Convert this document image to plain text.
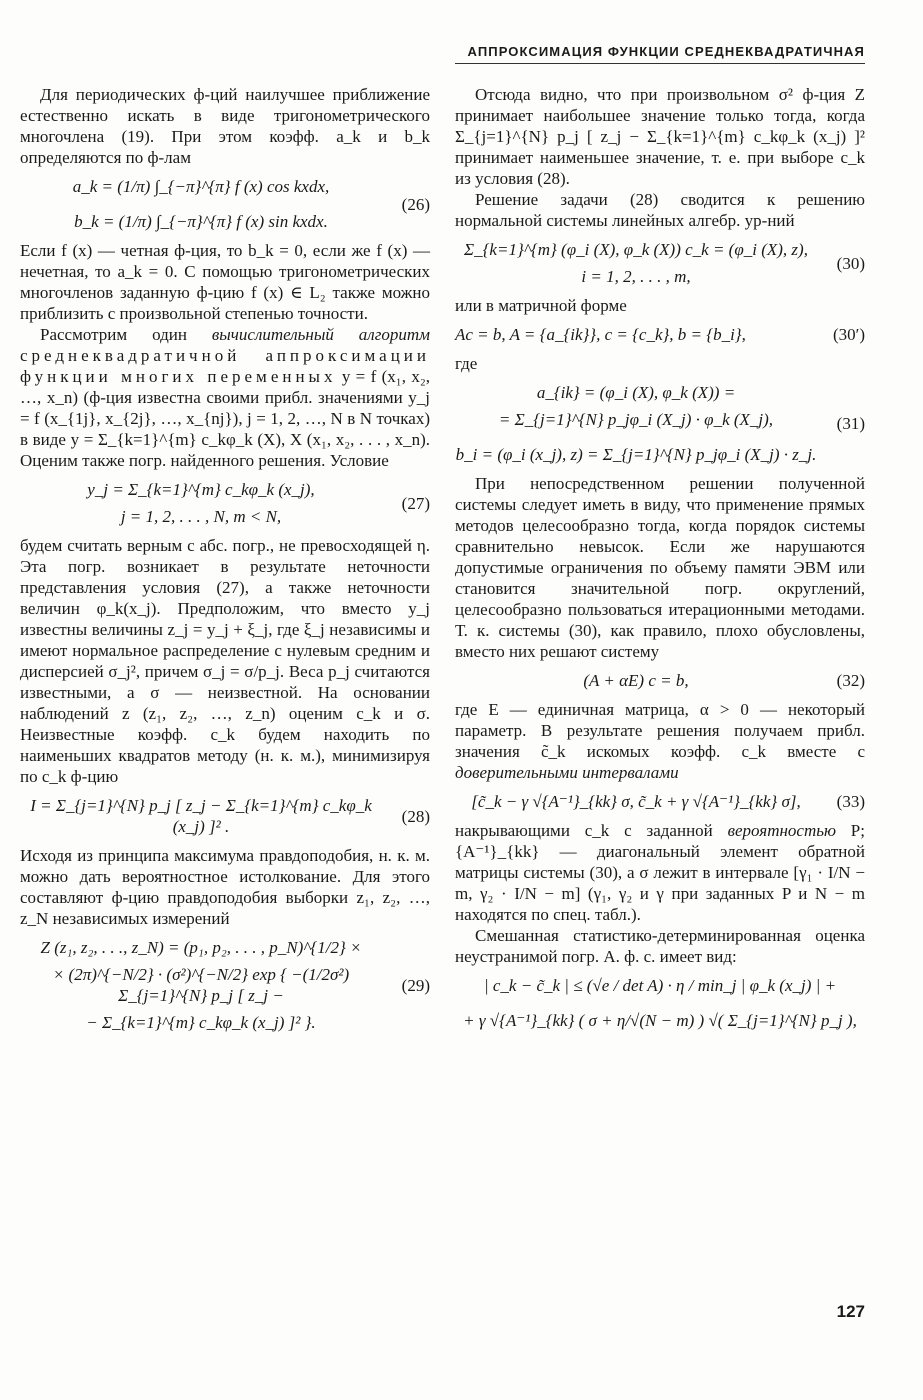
АППРОКСИМАЦИЯ ФУНКЦИИ СРЕДНЕКВАДРАТИЧНАЯ

Для периодических ф-ций наилучшее приближение естественно искать в виде тригонометрического многочлена (19). При этом коэфф. a_k и b_k определяются по ф-лам

a_k = (1/π) ∫_{−π}^{π} f (x) cos kxdx,
b_k = (1/π) ∫_{−π}^{π} f (x) sin kxdx.
(26)

Если f (x) — четная ф-ция, то b_k = 0, если же f (x) — нечетная, то a_k = 0. С помощью тригонометрических многочленов заданную ф-цию f (x) ∈ L₂ также можно приблизить с произвольной степенью точности.

Рассмотрим один вычислительный алгоритм среднеквадратичной аппроксимации функции многих переменных y = f (x₁, x₂, …, x_n) (ф-ция известна своими прибл. значениями y_j = f (x_{1j}, x_{2j}, …, x_{nj}), j = 1, 2, …, N в N точках) в виде y = Σ_{k=1}^{m} c_kφ_k (X), X (x₁, x₂, . . . , x_n). Оценим также погр. найденного решения. Условие

y_j = Σ_{k=1}^{m} c_kφ_k (x_j),
j = 1, 2, . . . , N, m < N,
(27)

будем считать верным с абс. погр., не превосходящей η. Эта погр. возникает в результате неточности представления условия (27), а также неточности величин φ_k(x_j). Предположим, что вместо y_j известны величины z_j = y_j + ξ_j, где ξ_j независимы и имеют нормальное распределение с нулевым средним и дисперсией σ_j², причем σ_j = σ/p_j. Веса p_j считаются известными, а σ — неизвестной. На основании наблюдений z (z₁, z₂, …, z_n) оценим c_k и σ. Неизвестные коэфф. c_k будем находить по наименьших квадратов методу (н. к. м.), минимизируя по c_k ф-цию

I = Σ_{j=1}^{N} p_j [ z_j − Σ_{k=1}^{m} c_kφ_k (x_j) ]² .
(28)

Исходя из принципа максимума правдоподобия, н. к. м. можно дать вероятностное истолкование. Для этого составляют ф-цию правдоподобия выборки z₁, z₂, …, z_N независимых измерений

Z (z₁, z₂, . . ., z_N) = (p₁, p₂, . . . , p_N)^{1/2} ×
× (2π)^{−N/2} · (σ²)^{−N/2} exp { −(1/2σ²) Σ_{j=1}^{N} p_j [ z_j −
− Σ_{k=1}^{m} c_kφ_k (x_j) ]² }.
(29)

Отсюда видно, что при произвольном σ² ф-ция Z принимает наибольшее значение только тогда, когда Σ_{j=1}^{N} p_j [ z_j − Σ_{k=1}^{m} c_kφ_k (x_j) ]² принимает наименьшее значение, т. е. при выборе c_k из условия (28).

Решение задачи (28) сводится к решению нормальной системы линейных алгебр. ур-ний

Σ_{k=1}^{m} (φ_i (X), φ_k (X)) c_k = (φ_i (X), z),
i = 1, 2, . . . , m,
(30)

или в матричной форме

Ac = b, A = {a_{ik}}, c = {c_k}, b = {b_i},	(30′)

где

a_{ik} = (φ_i (X), φ_k (X)) =
= Σ_{j=1}^{N} p_jφ_i (X_j) · φ_k (X_j),
b_i = (φ_i (x_j), z) = Σ_{j=1}^{N} p_jφ_i (X_j) · z_j.
(31)

При непосредственном решении полученной системы следует иметь в виду, что применение прямых методов целесообразно тогда, когда порядок системы сравнительно невысок. Если же нарушаются допустимые ограничения по объему памяти ЭВМ или становится значительной погр. округлений, целесообразно пользоваться итерационными методами. Т. к. системы (30), как правило, плохо обусловлены, вместо них решают систему

(A + αE) c = b,	(32)

где E — единичная матрица, α > 0 — некоторый параметр. В результате решения получаем прибл. значения c̃_k искомых коэфф. c_k вместе с доверительными интервалами

[c̃_k − γ √{A⁻¹}_{kk} σ, c̃_k + γ √{A⁻¹}_{kk} σ],	(33)

накрывающими c_k с заданной вероятностью P; {A⁻¹}_{kk} — диагональный элемент обратной матрицы системы (30), а σ лежит в интервале [γ₁ · I/N − m, γ₂ · I/N − m] (γ₁, γ₂ и γ при заданных P и N − m находятся по спец. табл.).

Смешанная статистико-детерминированная оценка неустранимой погр. А. ф. с. имеет вид:

| c_k − c̃_k | ≤ (√e / det A) · η / min_j | φ_k (x_j) | +
+ γ √{A⁻¹}_{kk} ( σ + η/√(N − m) ) √( Σ_{j=1}^{N} p_j ),
127
